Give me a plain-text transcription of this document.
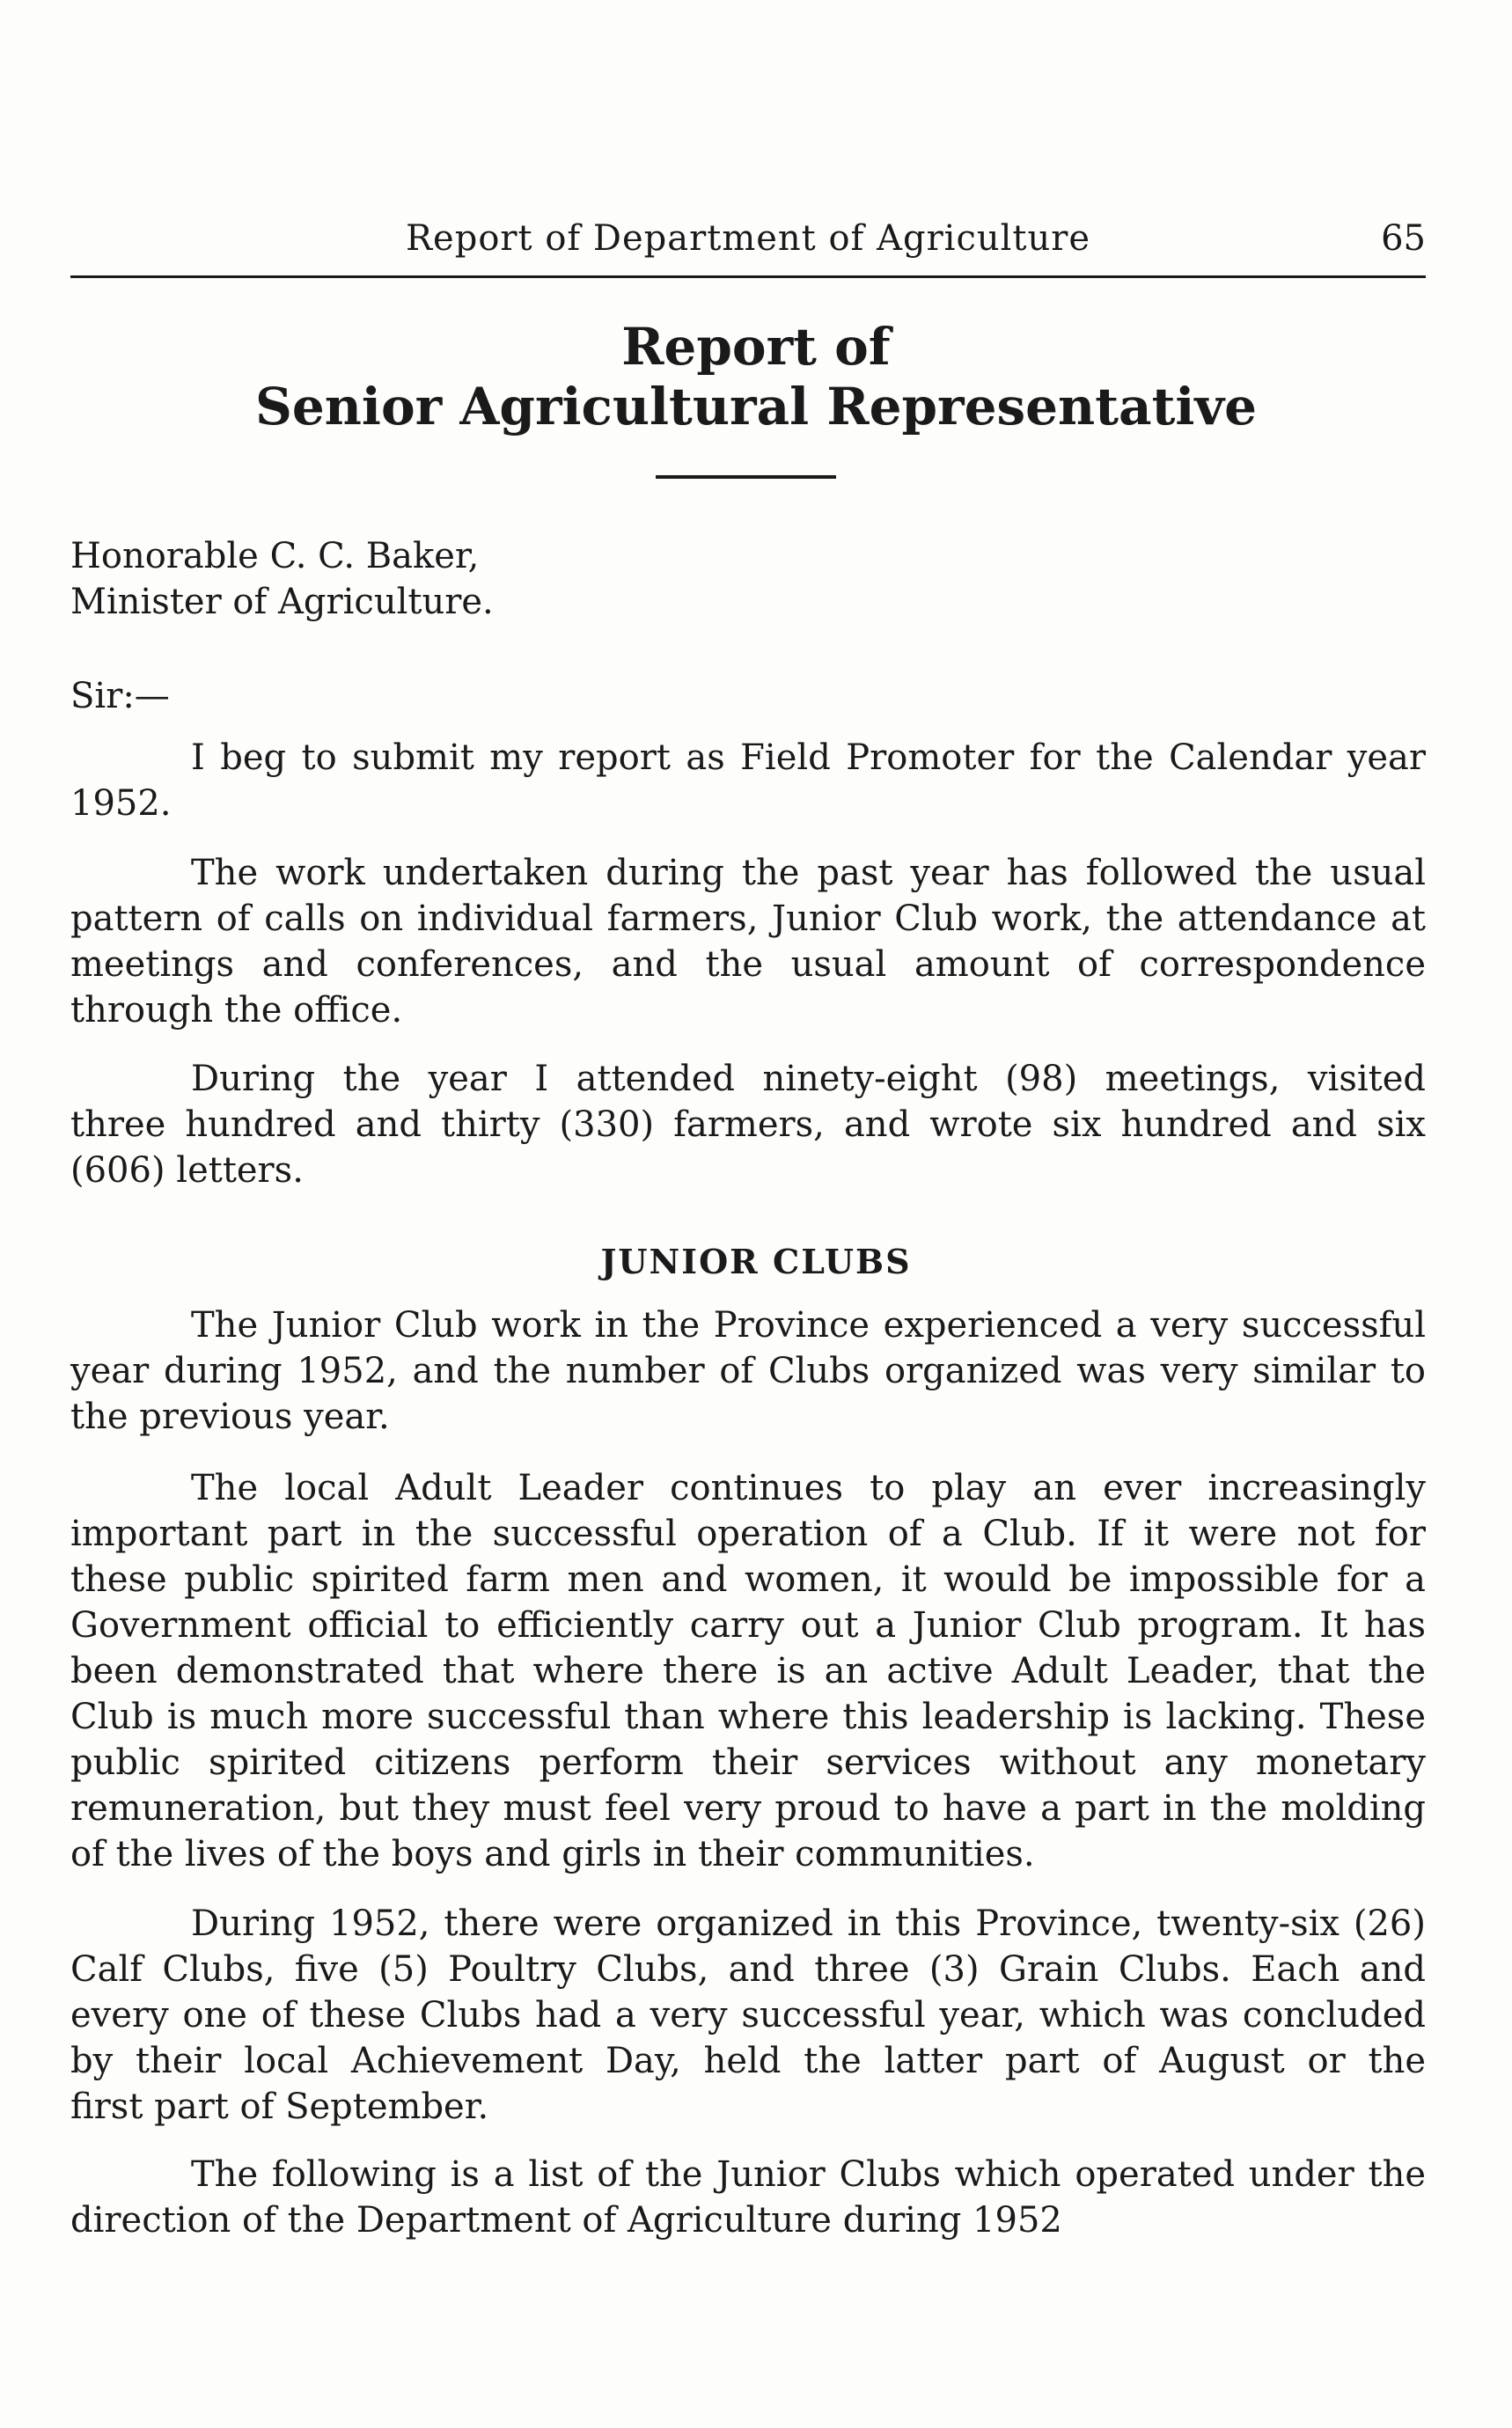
Report of Department of Agriculture	65
Report of
Senior Agricultural Representative
Honorable C. C. Baker,
Minister of Agriculture.
Sir:—
I beg to submit my report as Field Promoter for the Calendar year
1952.
The work undertaken during the past year has followed the usual
pattern of calls on individual farmers, Junior Club work, the attendance at
meetings and conferences, and the usual amount of correspondence
through the office.
During the year I attended ninety-eight (98) meetings, visited
three hundred and thirty (330) farmers, and wrote six hundred and six
(606) letters.
JUNIOR CLUBS
The Junior Club work in the Province experienced a very successful
year during 1952, and the number of Clubs organized was very similar to
the previous year.
The local Adult Leader continues to play an ever increasingly
important part in the successful operation of a Club. If it were not for
these public spirited farm men and women, it would be impossible for a
Government official to efficiently carry out a Junior Club program. It has
been demonstrated that where there is an active Adult Leader, that the
Club is much more successful than where this leadership is lacking. These
public spirited citizens perform their services without any monetary
remuneration, but they must feel very proud to have a part in the molding
of the lives of the boys and girls in their communities.
During 1952, there were organized in this Province, twenty-six (26)
Calf Clubs, five (5) Poultry Clubs, and three (3) Grain Clubs. Each and
every one of these Clubs had a very successful year, which was concluded
by their local Achievement Day, held the latter part of August or the
first part of September.
The following is a list of the Junior Clubs which operated under the
direction of the Department of Agriculture during 1952
